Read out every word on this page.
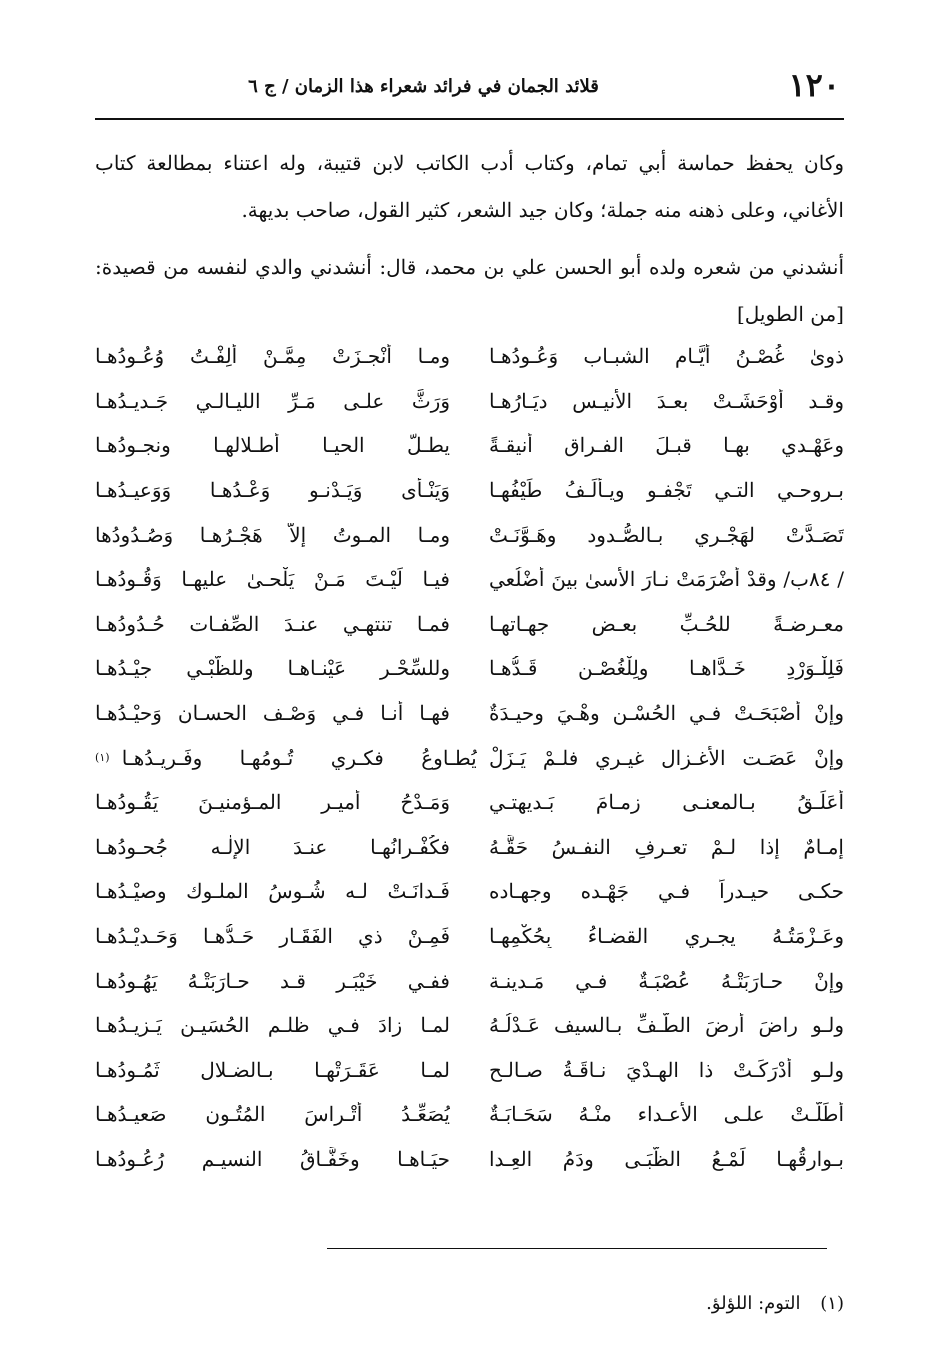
١٢٠
قلائد الجمان في فرائد شعراء هذا الزمان / ج ٦
وكان يحفظ حماسة أبي تمام، وكتاب أدب الكاتب لابن قتيبة، وله اعتناء بمطالعة كتاب الأغاني، وعلى ذهنه منه جملة؛ وكان جيد الشعر، كثير القول، صاحب بديهة.
أنشدني من شعره ولده أبو الحسن علي بن محمد، قال: أنشدني والدي لنفسه من قصيدة: [من الطويل]
ذوىٰ غُصْـنُ أيَّـام الشبـاب وَعُـودُهـا
ومـا أَنْجـزَتْ مِمَّـنْ أَلِفْـتُ وُعُـودُهـا
وقـد أَوْحَشَـتْ بعـدَ الأَنيـس ديَـارُهـا
وَرَثَّ علـى مَـرِّ الليـالـي جَـديـدُهـا
وعَهْـدي بهـا قبـلَ الفـراق أنيقـةً
يطـلّ الحيـا أطـلالهـا ونجـودُهـا
بـروحـي التـي تَجْفـو ويـأْلَـفُ طَيْفُهـا
وَيَنْـأى وَيَـدْنـو وَعْـدُهـا وَوَعيـدُهـا
تَصَـدَّتْ لهَجْـري بـالصُّـدود وهَـوَّنَـتْ
ومـا المـوتُ إلاَّ هَجْـرُهـا وَصُـدُودُها
/ ٨٤ب/ وقدْ أَضْرَمَتْ نـارَ الأسىٰ بينَ أَضْلُعي
فيـا لَيْـتَ مَـنْ يَلْحـىٰ عليهـا وَقُـودُهـا
معـرضـةً للحُـبِّ بعـض جهـاتهـا
فمـا تنتهـي عنـدَ الصِّفـات حُـدُودُهـا
فَلِلْـوَرْدِ خَـدَّاهـا ولِلْغُصْـنِ قَـدُّهـا
وللسِّحْـر عَيْنـاهـا وللظَّبْـي جيْـدُهـا
وإنْ أَصْبَحَـتْ فـي الحُسْـن وهْـيَ وحيـدَةٌ
فهـا أنـا فـي وَصْـف الحسـان وَحيْـدُهـا
وإنْ عَصَـت الأغـزال غيـري فلـمْ يَـزَلْ
يُطـاوعُ فكـري تُـومُهـا وفَـريـدُهـا
(١)
أُعَلِّـقُ بـالمعنـى زمـامَ بَـديهتـي
وَمَـدْحُ أميـرِ المـؤمنيـنَ يَقُـودُهـا
إمـامٌ إذا لـمْ تعـرفِ النفـسُ حَقَّـهُ
فكُفْـرانُهـا عنـدَ الإلٰـه جُحـودُهـا
حكـى حيـدراً فـي جَهْـده وجهـاده
فَـدانَـتْ لـه شُـوسُ الملـوك وصيْـدُهـا
وعَـزْمَتُـهُ يجـري القضـاءُ بِحُكْمِهـا
فَمِـنْ ذي الفَقَـار حَـدُّهـا وَحَـديْـدُهـا
وإنْ حـارَبَتْـهُ عُصْبَـةٌ فـي مَـدينـة
ففـي خَيْبَـر قـد حـارَبَتْـهُ يَهُـودُهـا
ولـو راضَ أرضَ الطَّـفِّ بـالسيف عَـدْلُـهُ
لمـا زادَ فـي ظلـم الحُسَيـن يَـزيـدُهـا
ولـو أَدْرَكَـتْ ذا الهـدْيَ نـاقَـةُ صـالـحٍ
لمـا عَقَـرَتْهـا بـالضـلال ثَمُـودُهـا
أَطَلَّـتْ علـى الأعـداء منْـهُ سَحَـابَـةٌ
يُصَعِّـدُ أَتْـراسَ المُتُـون صَعيـدُهـا
بـوارقُهـا لَمْـعُ الظُّبَـى ودَمُ العِـدا
حيَـاهـا وخَفَّـاقُ النسيـمِ رُعُـودُهـا
(١) التوم: اللؤلؤ.
